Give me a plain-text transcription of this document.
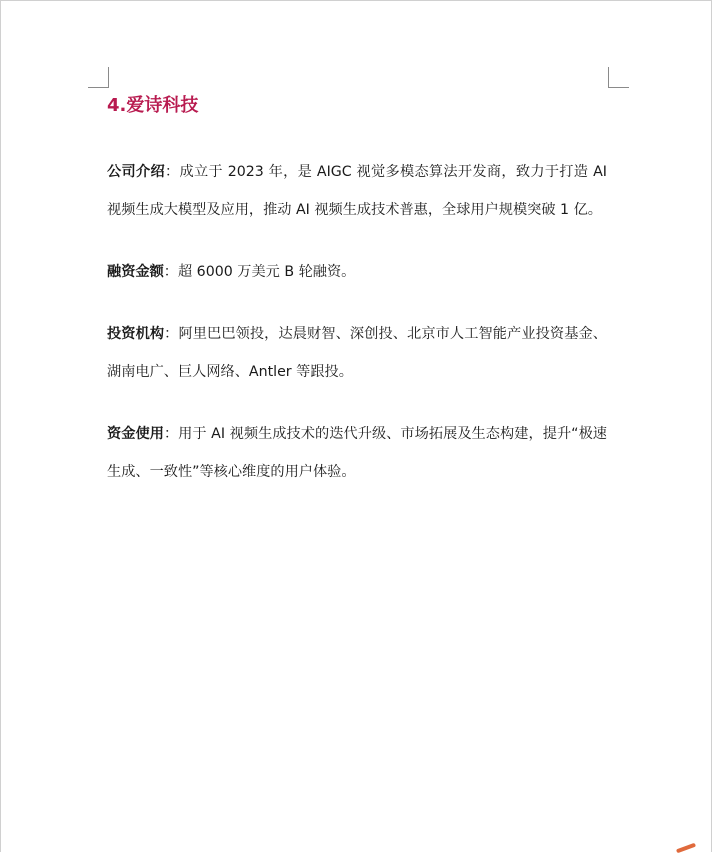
4.爱诗科技

公司介绍：成立于 2023 年，是 AIGC 视觉多模态算法开发商，致力于打造 AI 视频生成大模型及应用，推动 AI 视频生成技术普惠，全球用户规模突破 1 亿。

融资金额：超 6000 万美元 B 轮融资。

投资机构：阿里巴巴领投，达晨财智、深创投、北京市人工智能产业投资基金、湖南电广、巨人网络、Antler 等跟投。

资金使用：用于 AI 视频生成技术的迭代升级、市场拓展及生态构建，提升“极速生成、一致性”等核心维度的用户体验。
